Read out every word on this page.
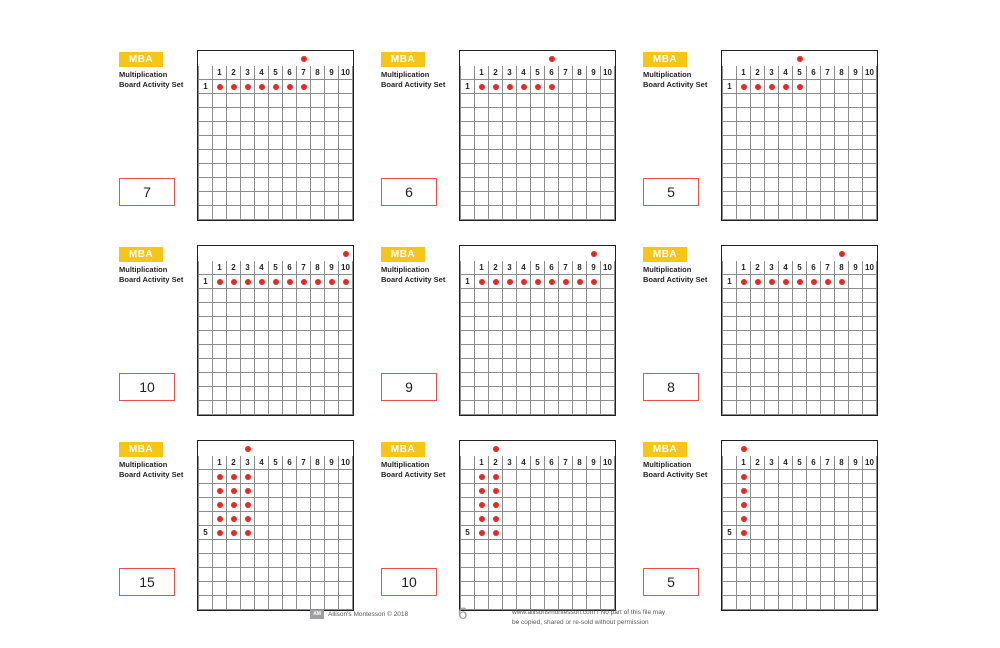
MBA
Multiplication
Board Activity Set
7

	1	2	3	4	5	6	7	8	9	10
1	

MBA
Multiplication
Board Activity Set
6

	1	2	3	4	5	6	7	8	9	10
1	

MBA
Multiplication
Board Activity Set
5

	1	2	3	4	5	6	7	8	9	10
1	

MBA
Multiplication
Board Activity Set
10

	1	2	3	4	5	6	7	8	9	10
1	

MBA
Multiplication
Board Activity Set
9

	1	2	3	4	5	6	7	8	9	10
1	

MBA
Multiplication
Board Activity Set
8

	1	2	3	4	5	6	7	8	9	10
1	

MBA
Multiplication
Board Activity Set
15

	1	2	3	4	5	6	7	8	9	10

5	

MBA
Multiplication
Board Activity Set
10

	1	2	3	4	5	6	7	8	9	10

5	

MBA
Multiplication
Board Activity Set
5

	1	2	3	4	5	6	7	8	9	10

5	

AM	Allison's Montessori © 2018	6	www.allisonsmontessori.com I No part of this file may
be copied, shared or re-sold without permission
